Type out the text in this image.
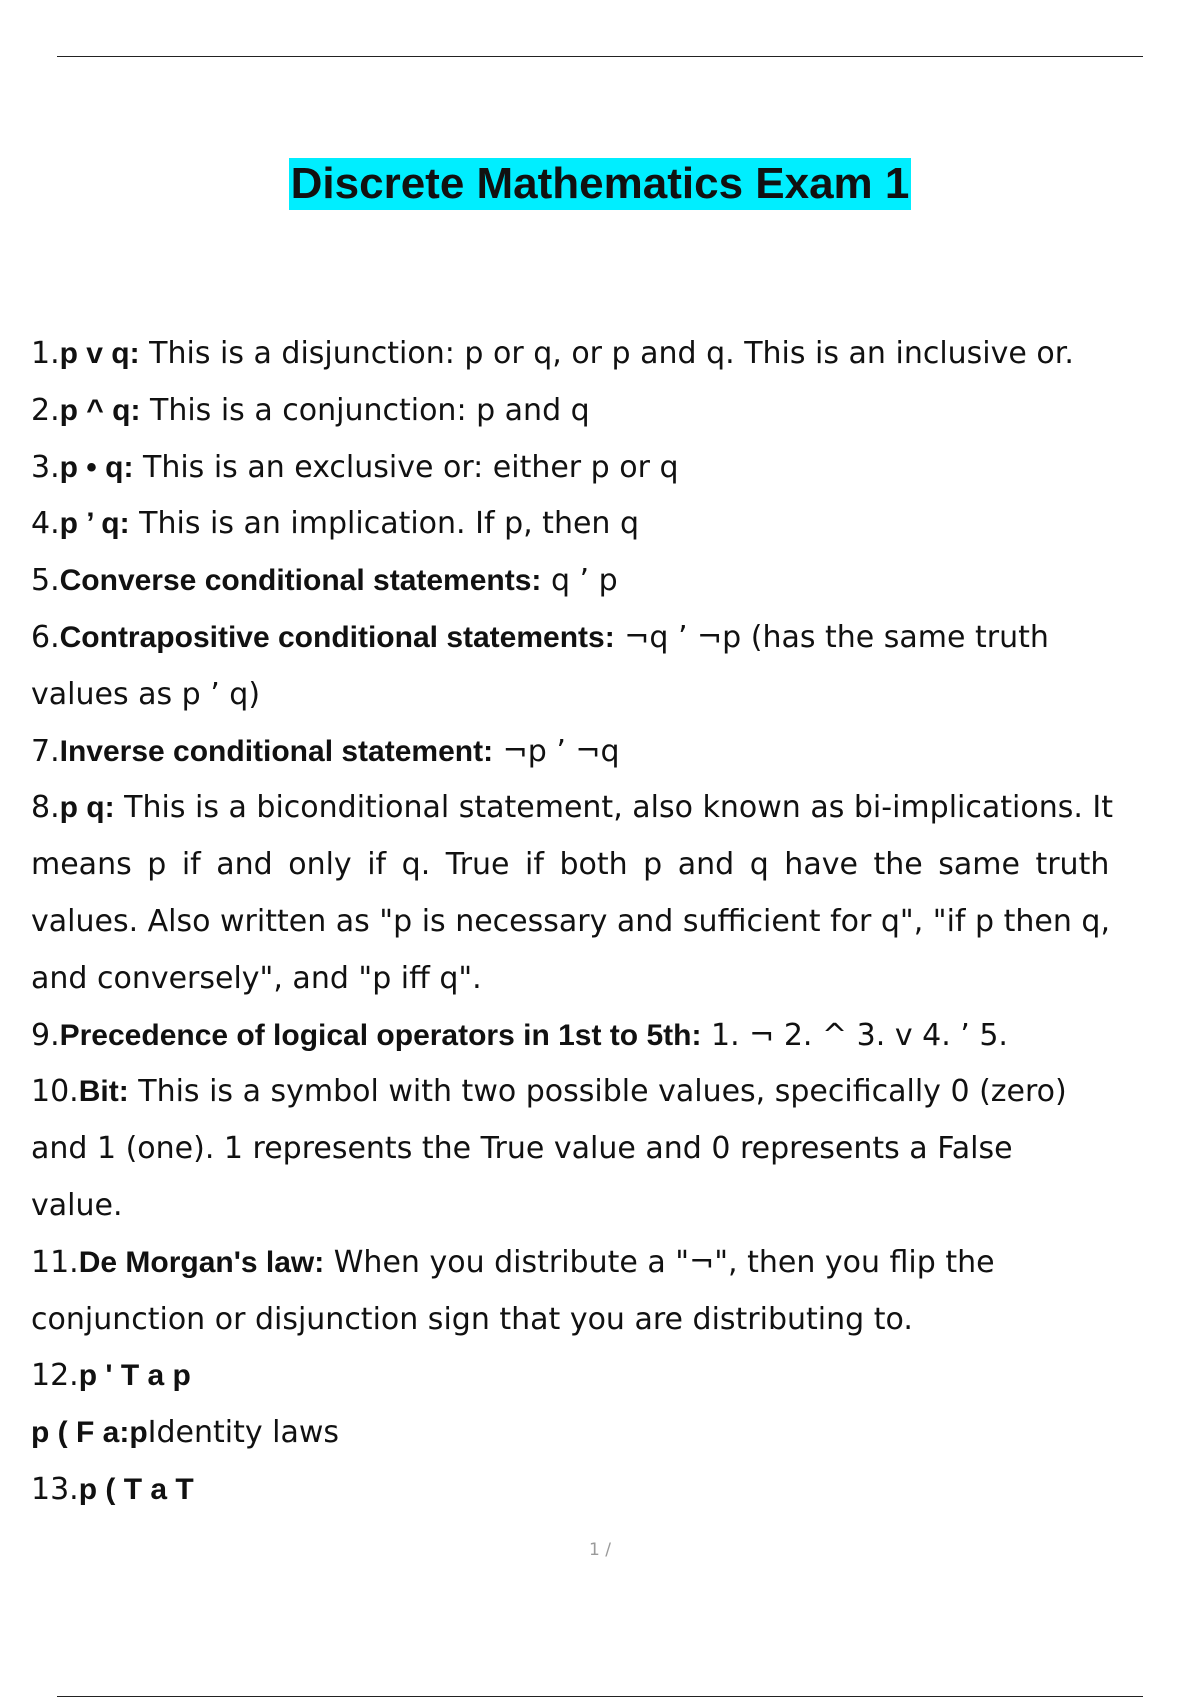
Discrete Mathematics Exam 1
1.p v q: This is a disjunction: p or q, or p and q. This is an inclusive or.
2.p ^ q: This is a conjunction: p and q
3.p • q: This is an exclusive or: either p or q
4.p ’ q: This is an implication. If p, then q
5.Converse conditional statements: q ’ p
6.Contrapositive conditional statements: ¬q ’ ¬p (has the same truth
values as p ’ q)
7.Inverse conditional statement: ¬p ’ ¬q
8.p q: This is a biconditional statement, also known as bi-implications. It
means p if and only if q. True if both p and q have the same truth
values. Also written as "p is necessary and sufficient for q", "if p then q,
and conversely", and "p iff q".
9.Precedence of logical operators in 1st to 5th: 1. ¬ 2. ^ 3. v 4. ’ 5.
10.Bit: This is a symbol with two possible values, specifically 0 (zero)
and 1 (one). 1 represents the True value and 0 represents a False
value.
11.De Morgan's law: When you distribute a "¬", then you flip the
conjunction or disjunction sign that you are distributing to.
12.p ' T a p
p ( F a:pIdentity laws
13.p ( T a T
1 /
